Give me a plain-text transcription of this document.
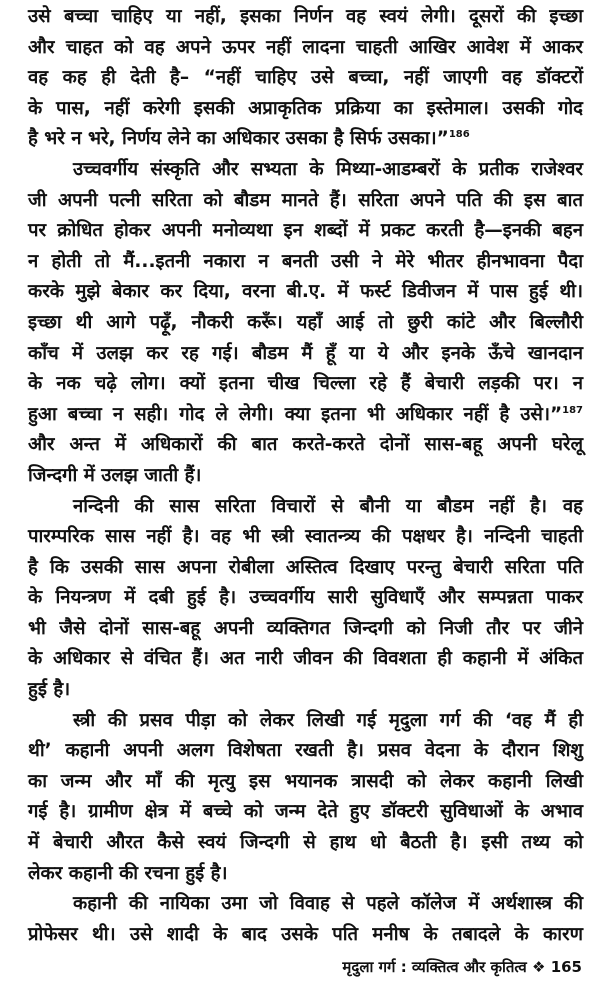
उसे बच्चा चाहिए या नहीं, इसका निर्णन वह स्वयं लेगी। दूसरों की इच्छा
और चाहत को वह अपने ऊपर नहीं लादना चाहती आखिर आवेश में आकर
वह कह ही देती है– “नहीं चाहिए उसे बच्चा, नहीं जाएगी वह डॉक्टरों
के पास, नहीं करेगी इसकी अप्राकृतिक प्रक्रिया का इस्तेमाल। उसकी गोद
है भरे न भरे, निर्णय लेने का अधिकार उसका है सिर्फ उसका।”$^{186}$
उच्चवर्गीय संस्कृति और सभ्यता के मिथ्या-आडम्बरों के प्रतीक राजेश्वर
जी अपनी पत्नी सरिता को बौडम मानते हैं। सरिता अपने पति की इस बात
पर क्रोधित होकर अपनी मनोव्यथा इन शब्दों में प्रकट करती है—इनकी बहन
न होती तो मैं...इतनी नकारा न बनती उसी ने मेरे भीतर हीनभावना पैदा
करके मुझे बेकार कर दिया, वरना बी.ए. में फर्स्ट डिवीजन में पास हुई थी।
इच्छा थी आगे पढ़ूँ, नौकरी करूँ। यहाँ आई तो छुरी कांटे और बिल्लौरी
काँच में उलझ कर रह गई। बौडम मैं हूँ या ये और इनके ऊँचे खानदान
के नक चढ़े लोग। क्यों इतना चीख चिल्ला रहे हैं बेचारी लड़की पर। न
हुआ बच्चा न सही। गोद ले लेगी। क्या इतना भी अधिकार नहीं है उसे।”$^{187}$
और अन्त में अधिकारों की बात करते-करते दोनों सास-बहू अपनी घरेलू
जिन्दगी में उलझ जाती हैं।
नन्दिनी की सास सरिता विचारों से बौनी या बौडम नहीं है। वह
पारम्परिक सास नहीं है। वह भी स्त्री स्वातन्त्र्य की पक्षधर है। नन्दिनी चाहती
है कि उसकी सास अपना रोबीला अस्तित्व दिखाए परन्तु बेचारी सरिता पति
के नियन्त्रण में दबी हुई है। उच्चवर्गीय सारी सुविधाएँ और सम्पन्नता पाकर
भी जैसे दोनों सास-बहू अपनी व्यक्तिगत जिन्दगी को निजी तौर पर जीने
के अधिकार से वंचित हैं। अत नारी जीवन की विवशता ही कहानी में अंकित
हुई है।
स्त्री की प्रसव पीड़ा को लेकर लिखी गई मृदुला गर्ग की ‘वह मैं ही
थी’ कहानी अपनी अलग विशेषता रखती है। प्रसव वेदना के दौरान शिशु
का जन्म और माँ की मृत्यु इस भयानक त्रासदी को लेकर कहानी लिखी
गई है। ग्रामीण क्षेत्र में बच्चे को जन्म देते हुए डॉक्टरी सुविधाओं के अभाव
में बेचारी औरत कैसे स्वयं जिन्दगी से हाथ धो बैठती है। इसी तथ्य को
लेकर कहानी की रचना हुई है।
कहानी की नायिका उमा जो विवाह से पहले कॉलेज में अर्थशास्त्र की
प्रोफेसर थी। उसे शादी के बाद उसके पति मनीष के तबादले के कारण
मृदुला गर्ग : व्यक्तित्व और कृतित्व ❖ 165
